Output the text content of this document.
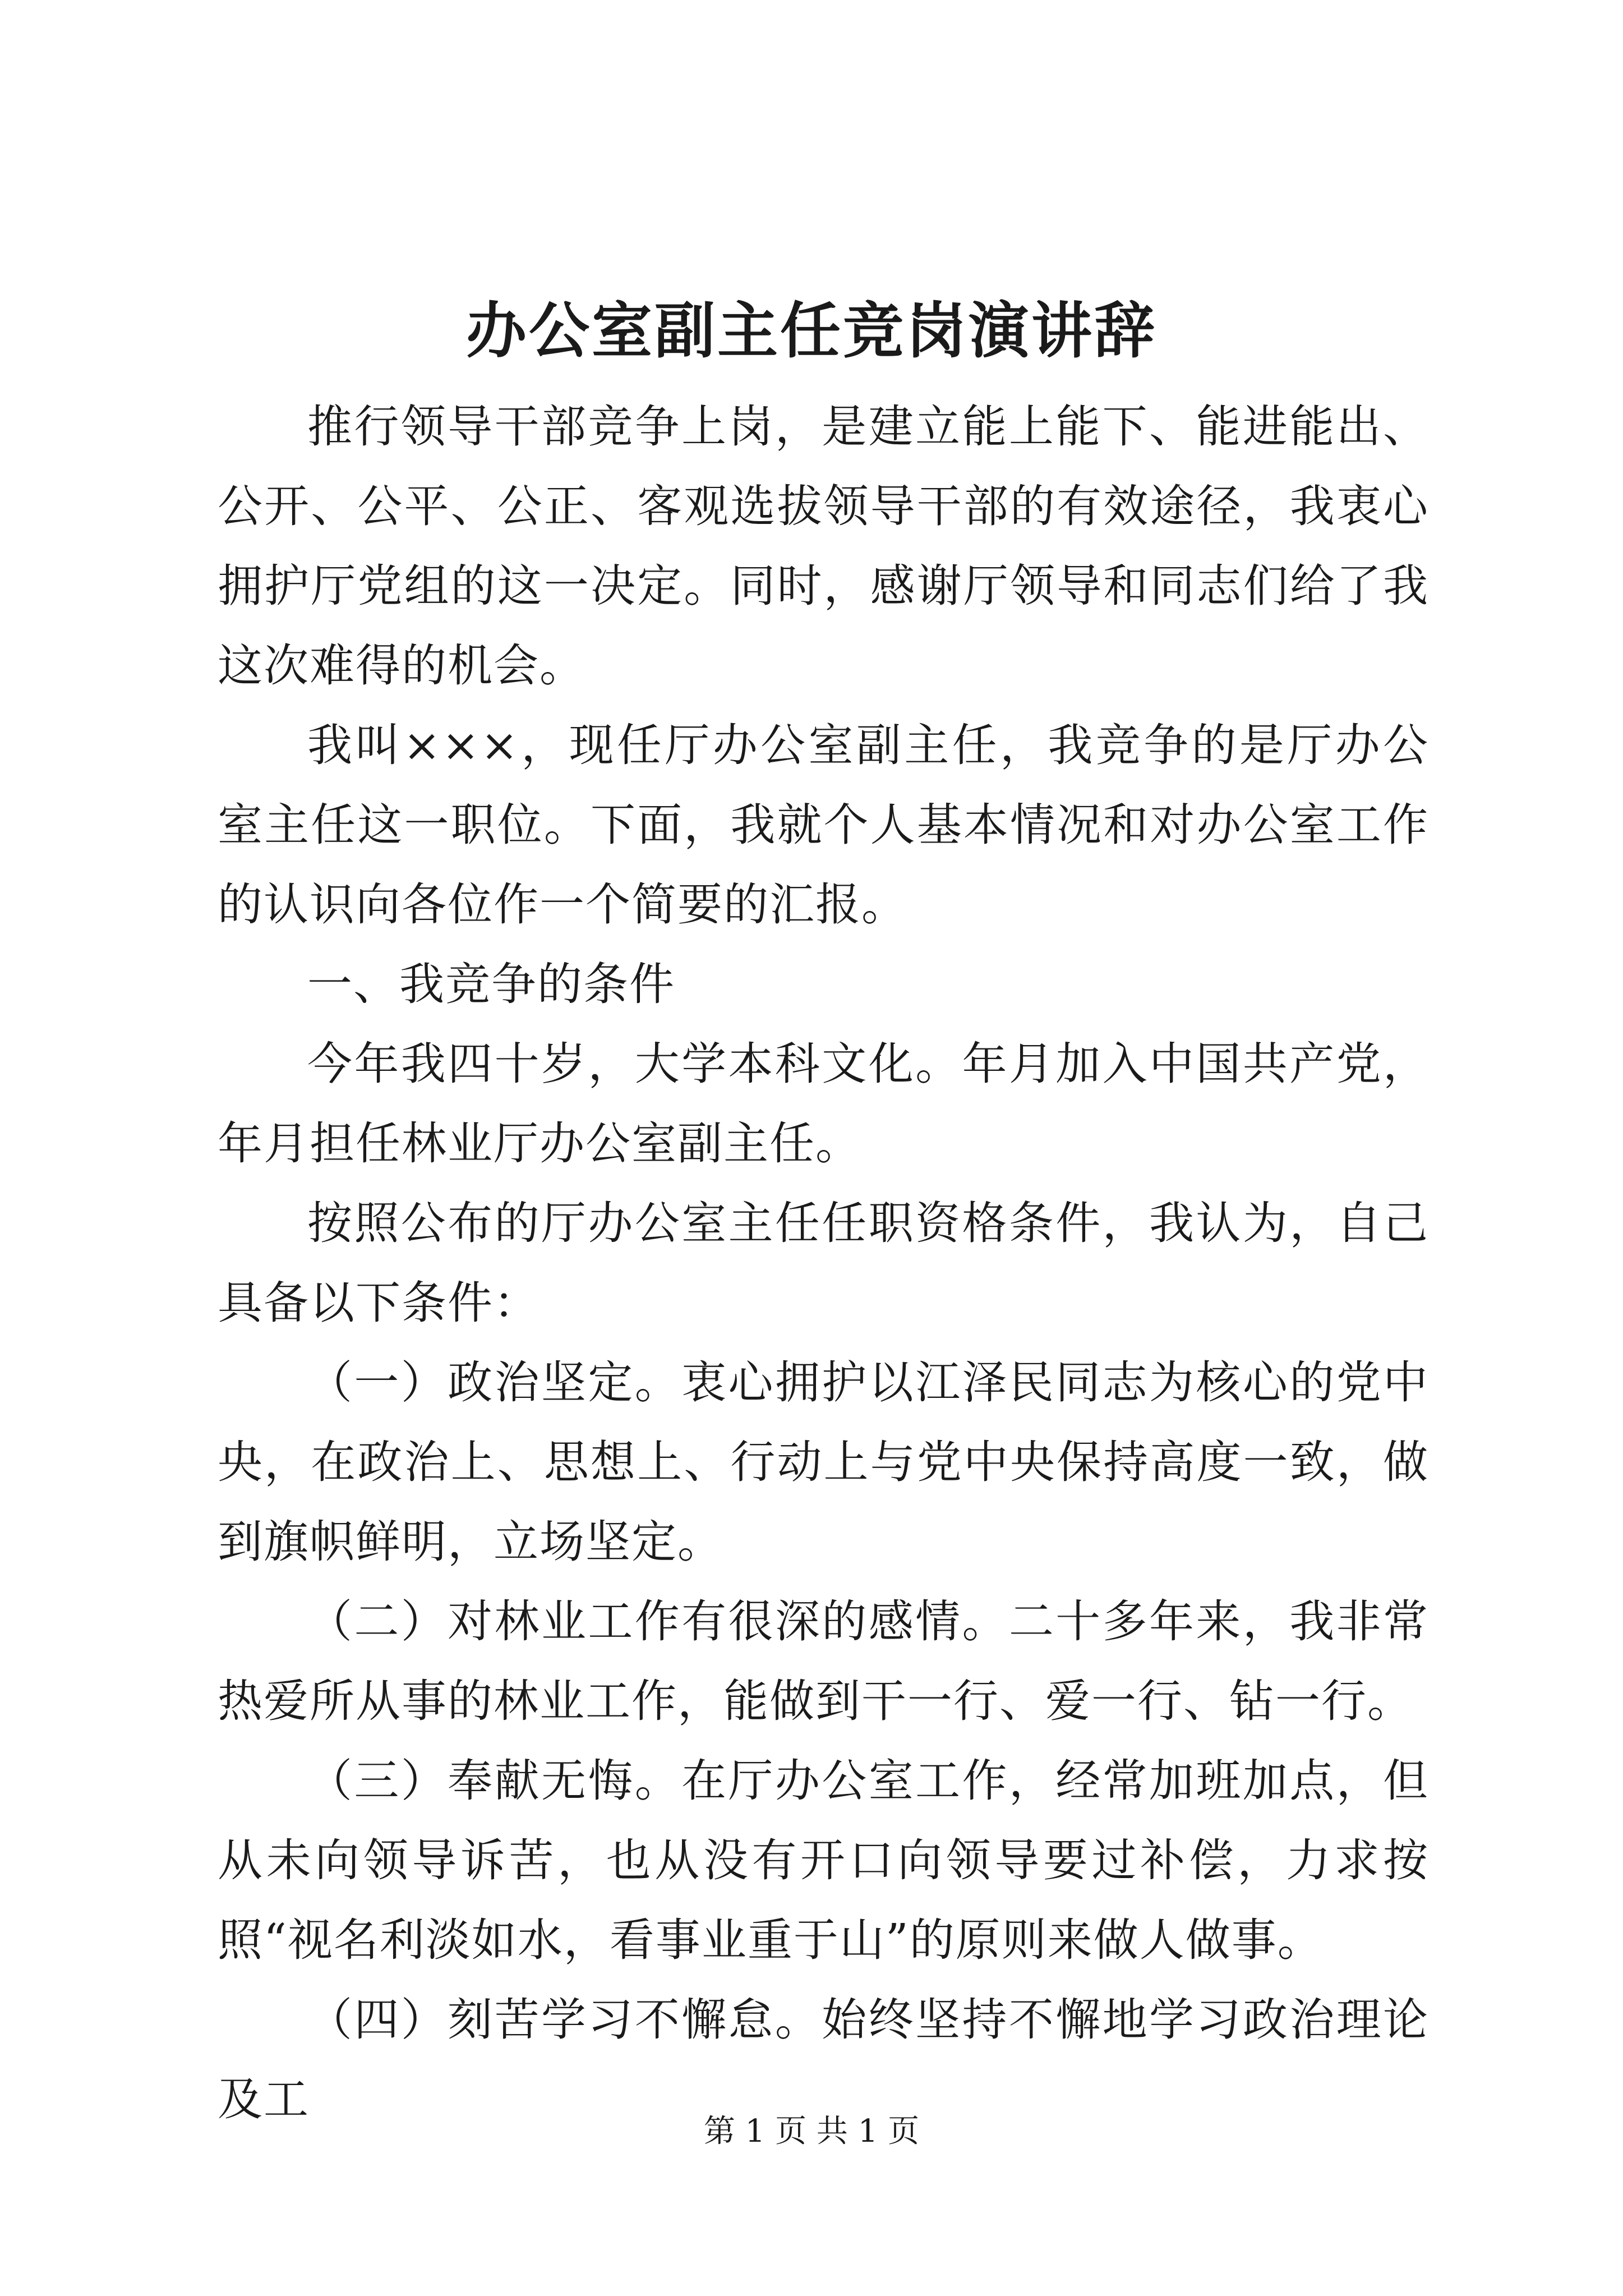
办公室副主任竞岗演讲辞

推行领导干部竞争上岗，是建立能上能下、能进能出、公开、公平、公正、客观选拔领导干部的有效途径，我衷心拥护厅党组的这一决定。同时，感谢厅领导和同志们给了我这次难得的机会。

我叫×××，现任厅办公室副主任，我竞争的是厅办公室主任这一职位。下面，我就个人基本情况和对办公室工作的认识向各位作一个简要的汇报。

一、我竞争的条件

今年我四十岁，大学本科文化。年月加入中国共产党，年月担任林业厅办公室副主任。

按照公布的厅办公室主任任职资格条件，我认为，自己具备以下条件：

（一）政治坚定。衷心拥护以江泽民同志为核心的党中央，在政治上、思想上、行动上与党中央保持高度一致，做到旗帜鲜明，立场坚定。

（二）对林业工作有很深的感情。二十多年来，我非常热爱所从事的林业工作，能做到干一行、爱一行、钻一行。

（三）奉献无悔。在厅办公室工作，经常加班加点，但从未向领导诉苦，也从没有开口向领导要过补偿，力求按照“视名利淡如水，看事业重于山”的原则来做人做事。

（四）刻苦学习不懈怠。始终坚持不懈地学习政治理论及工

第 1 页 共 1 页
